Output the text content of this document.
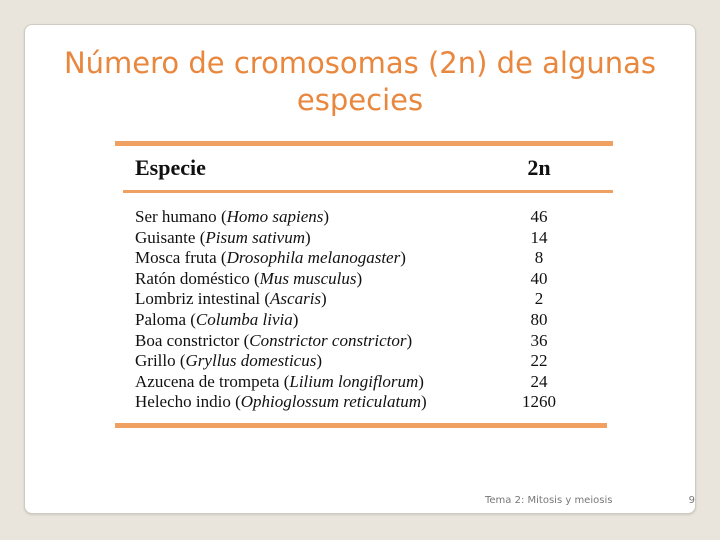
Número de cromosomas (2n) de algunas especies
Especie	2n
Ser humano (Homo sapiens)	46
Guisante (Pisum sativum)	14
Mosca fruta (Drosophila melanogaster)	8
Ratón doméstico (Mus musculus)	40
Lombriz intestinal (Ascaris)	2
Paloma (Columba livia)	80
Boa constrictor (Constrictor constrictor)	36
Grillo (Gryllus domesticus)	22
Azucena de trompeta (Lilium longiflorum)	24
Helecho indio (Ophioglossum reticulatum)	1260
Tema 2: Mitosis y meiosis	9
